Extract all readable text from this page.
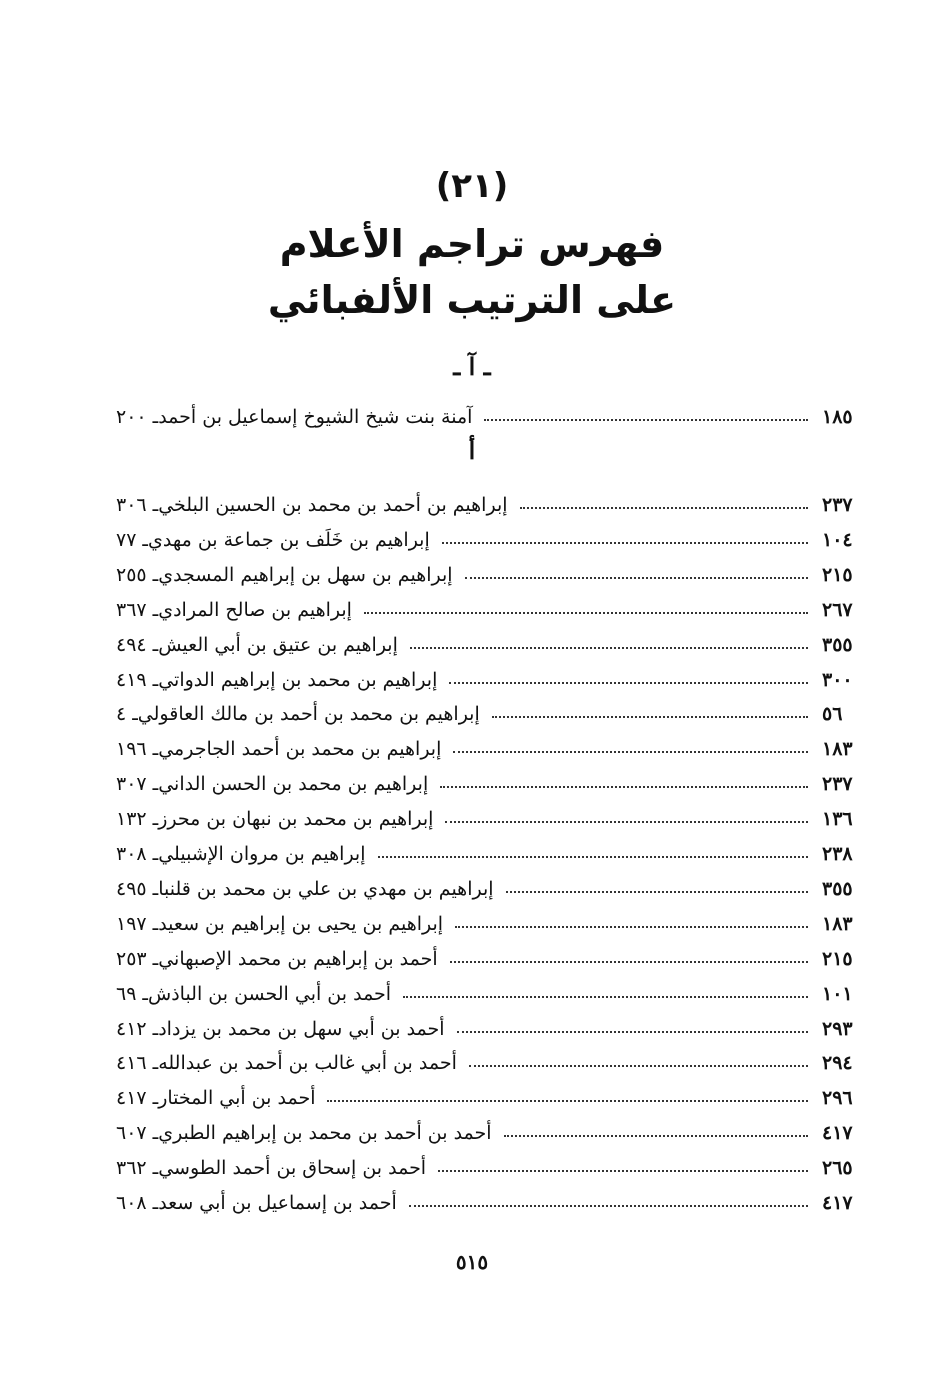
(٢١)
فهرس تراجم الأعلام
على الترتيب الألفبائي
ـ آ ـ
٢٠٠ ـ آمنة بنت شيخ الشيوخ إسماعيل بن أحمد	١٨٥
أ
٣٠٦ ـ إبراهيم بن أحمد بن محمد بن الحسين البلخي	٢٣٧
٧٧ ـ إبراهيم بن خَلَف بن جماعة بن مهدي	١٠٤
٢٥٥ ـ إبراهيم بن سهل بن إبراهيم المسجدي	٢١٥
٣٦٧ ـ إبراهيم بن صالح المرادي	٢٦٧
٤٩٤ ـ إبراهيم بن عتيق بن أبي العيش	٣٥٥
٤١٩ ـ إبراهيم بن محمد بن إبراهيم الدواتي	٣٠٠
٤ ـ إبراهيم بن محمد بن أحمد بن مالك العاقولي	٥٦
١٩٦ ـ إبراهيم بن محمد بن أحمد الجاجرمي	١٨٣
٣٠٧ ـ إبراهيم بن محمد بن الحسن الداني	٢٣٧
١٣٢ ـ إبراهيم بن محمد بن نبهان بن محرز	١٣٦
٣٠٨ ـ إبراهيم بن مروان الإشبيلي	٢٣٨
٤٩٥ ـ إبراهيم بن مهدي بن علي بن محمد بن قلنبا	٣٥٥
١٩٧ ـ إبراهيم بن يحيى بن إبراهيم بن سعيد	١٨٣
٢٥٣ ـ أحمد بن إبراهيم بن محمد الإصبهاني	٢١٥
٦٩ ـ أحمد بن أبي الحسن بن الباذش	١٠١
٤١٢ ـ أحمد بن أبي سهل بن محمد بن يزداد	٢٩٣
٤١٦ ـ أحمد بن أبي غالب بن أحمد بن عبدالله	٢٩٤
٤١٧ ـ أحمد بن أبي المختار	٢٩٦
٦٠٧ ـ أحمد بن أحمد بن محمد بن إبراهيم الطبري	٤١٧
٣٦٢ ـ أحمد بن إسحاق بن أحمد الطوسي	٢٦٥
٦٠٨ ـ أحمد بن إسماعيل بن أبي سعد	٤١٧
٥١٥
